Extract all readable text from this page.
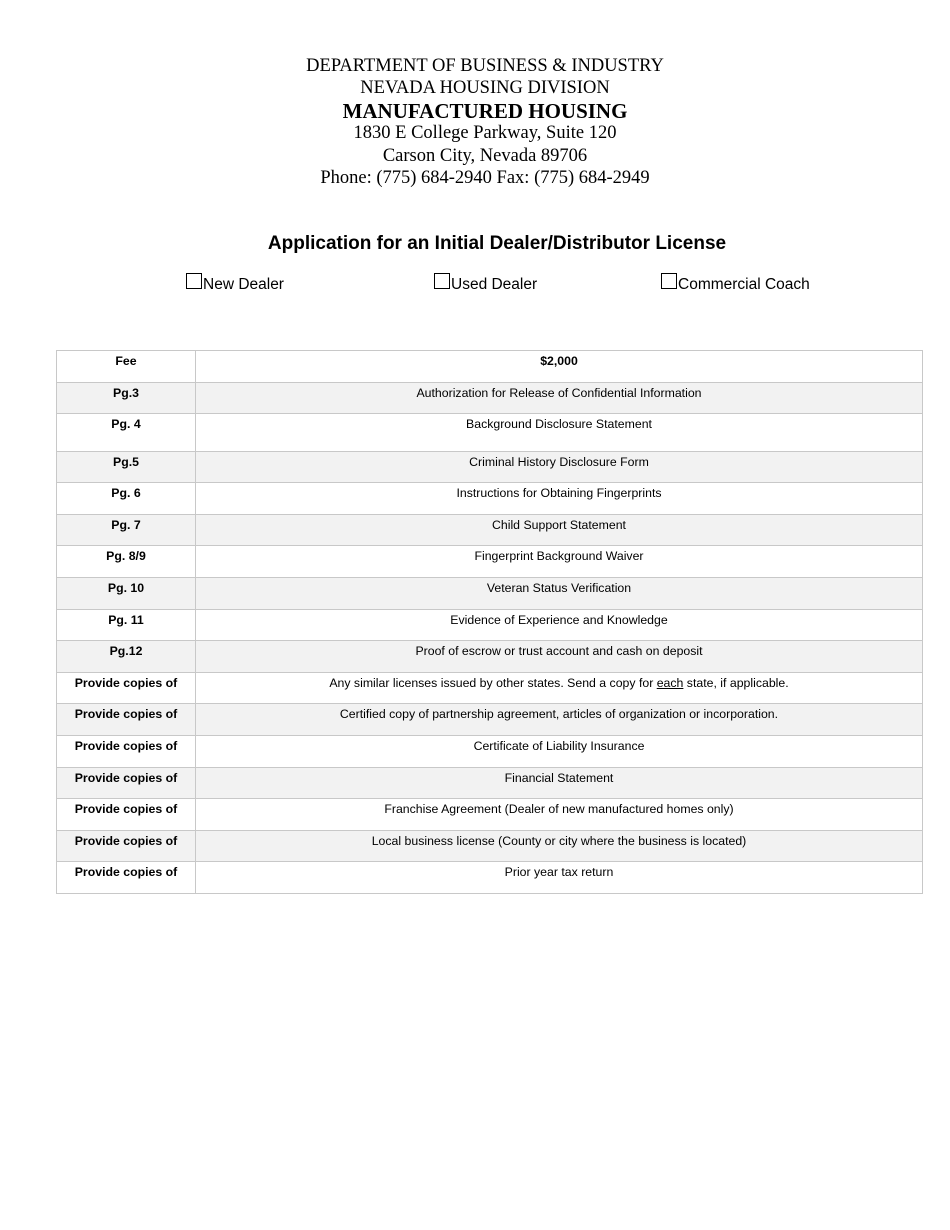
DEPARTMENT OF BUSINESS & INDUSTRY
NEVADA HOUSING DIVISION
MANUFACTURED HOUSING
1830 E College Parkway, Suite 120
Carson City, Nevada 89706
Phone: (775) 684-2940 Fax: (775) 684-2949
Application for an Initial Dealer/Distributor License
New Dealer	Used Dealer	Commercial Coach
Fee	$2,000
Pg.3	Authorization for Release of Confidential Information
Pg. 4	Background Disclosure Statement
Pg.5	Criminal History Disclosure Form
Pg. 6	Instructions for Obtaining Fingerprints
Pg. 7	Child Support Statement
Pg. 8/9	Fingerprint Background Waiver
Pg. 10	Veteran Status Verification
Pg. 11	Evidence of Experience and Knowledge
Pg.12	Proof of escrow or trust account and cash on deposit
Provide copies of	Any similar licenses issued by other states. Send a copy for each state, if applicable.
Provide copies of	Certified copy of partnership agreement, articles of organization or incorporation.
Provide copies of	Certificate of Liability Insurance
Provide copies of	Financial Statement
Provide copies of	Franchise Agreement (Dealer of new manufactured homes only)
Provide copies of	Local business license (County or city where the business is located)
Provide copies of	Prior year tax return
